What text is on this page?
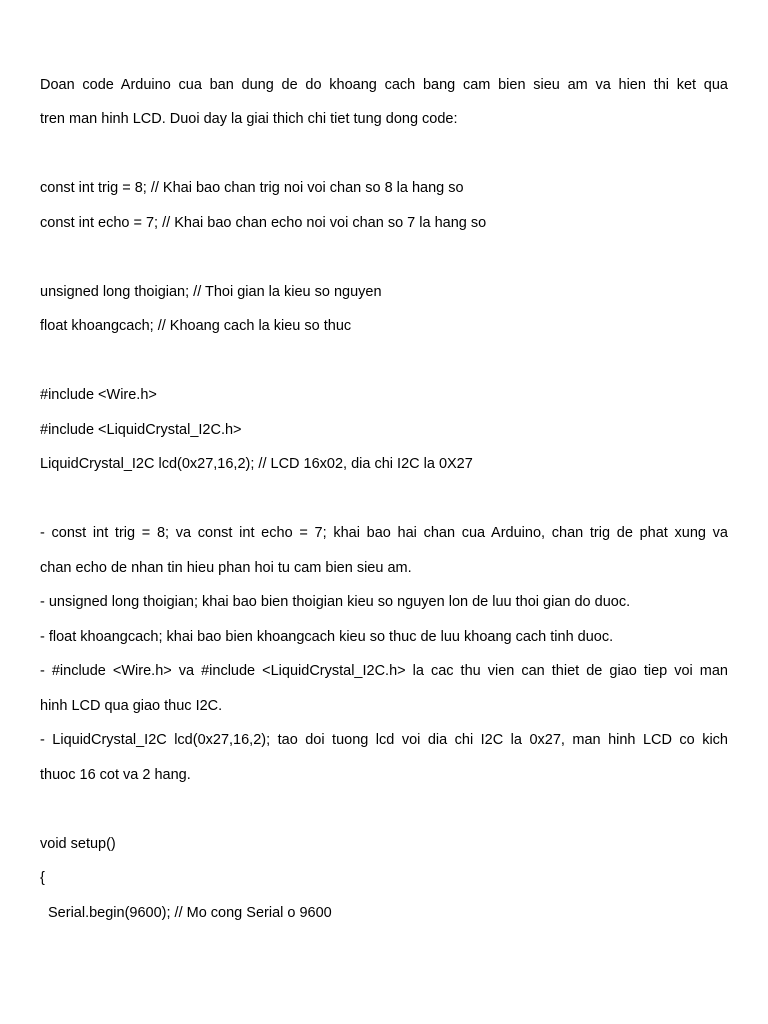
Doan code Arduino cua ban dung de do khoang cach bang cam bien sieu am va hien thi ket qua
tren man hinh LCD. Duoi day la giai thich chi tiet tung dong code:
const int trig = 8; // Khai bao chan trig noi voi chan so 8 la hang so
const int echo = 7; // Khai bao chan echo noi voi chan so 7 la hang so
unsigned long thoigian; // Thoi gian la kieu so nguyen
float khoangcach; // Khoang cach la kieu so thuc
#include <Wire.h>
#include <LiquidCrystal_I2C.h>
LiquidCrystal_I2C lcd(0x27,16,2); // LCD 16x02, dia chi I2C la 0X27
- const int trig = 8; va const int echo = 7; khai bao hai chan cua Arduino, chan trig de phat xung va
chan echo de nhan tin hieu phan hoi tu cam bien sieu am.
- unsigned long thoigian; khai bao bien thoigian kieu so nguyen lon de luu thoi gian do duoc.
- float khoangcach; khai bao bien khoangcach kieu so thuc de luu khoang cach tinh duoc.
- #include <Wire.h> va #include <LiquidCrystal_I2C.h> la cac thu vien can thiet de giao tiep voi man
hinh LCD qua giao thuc I2C.
- LiquidCrystal_I2C lcd(0x27,16,2); tao doi tuong lcd voi dia chi I2C la 0x27, man hinh LCD co kich
thuoc 16 cot va 2 hang.
void setup()
{
Serial.begin(9600); // Mo cong Serial o 9600
